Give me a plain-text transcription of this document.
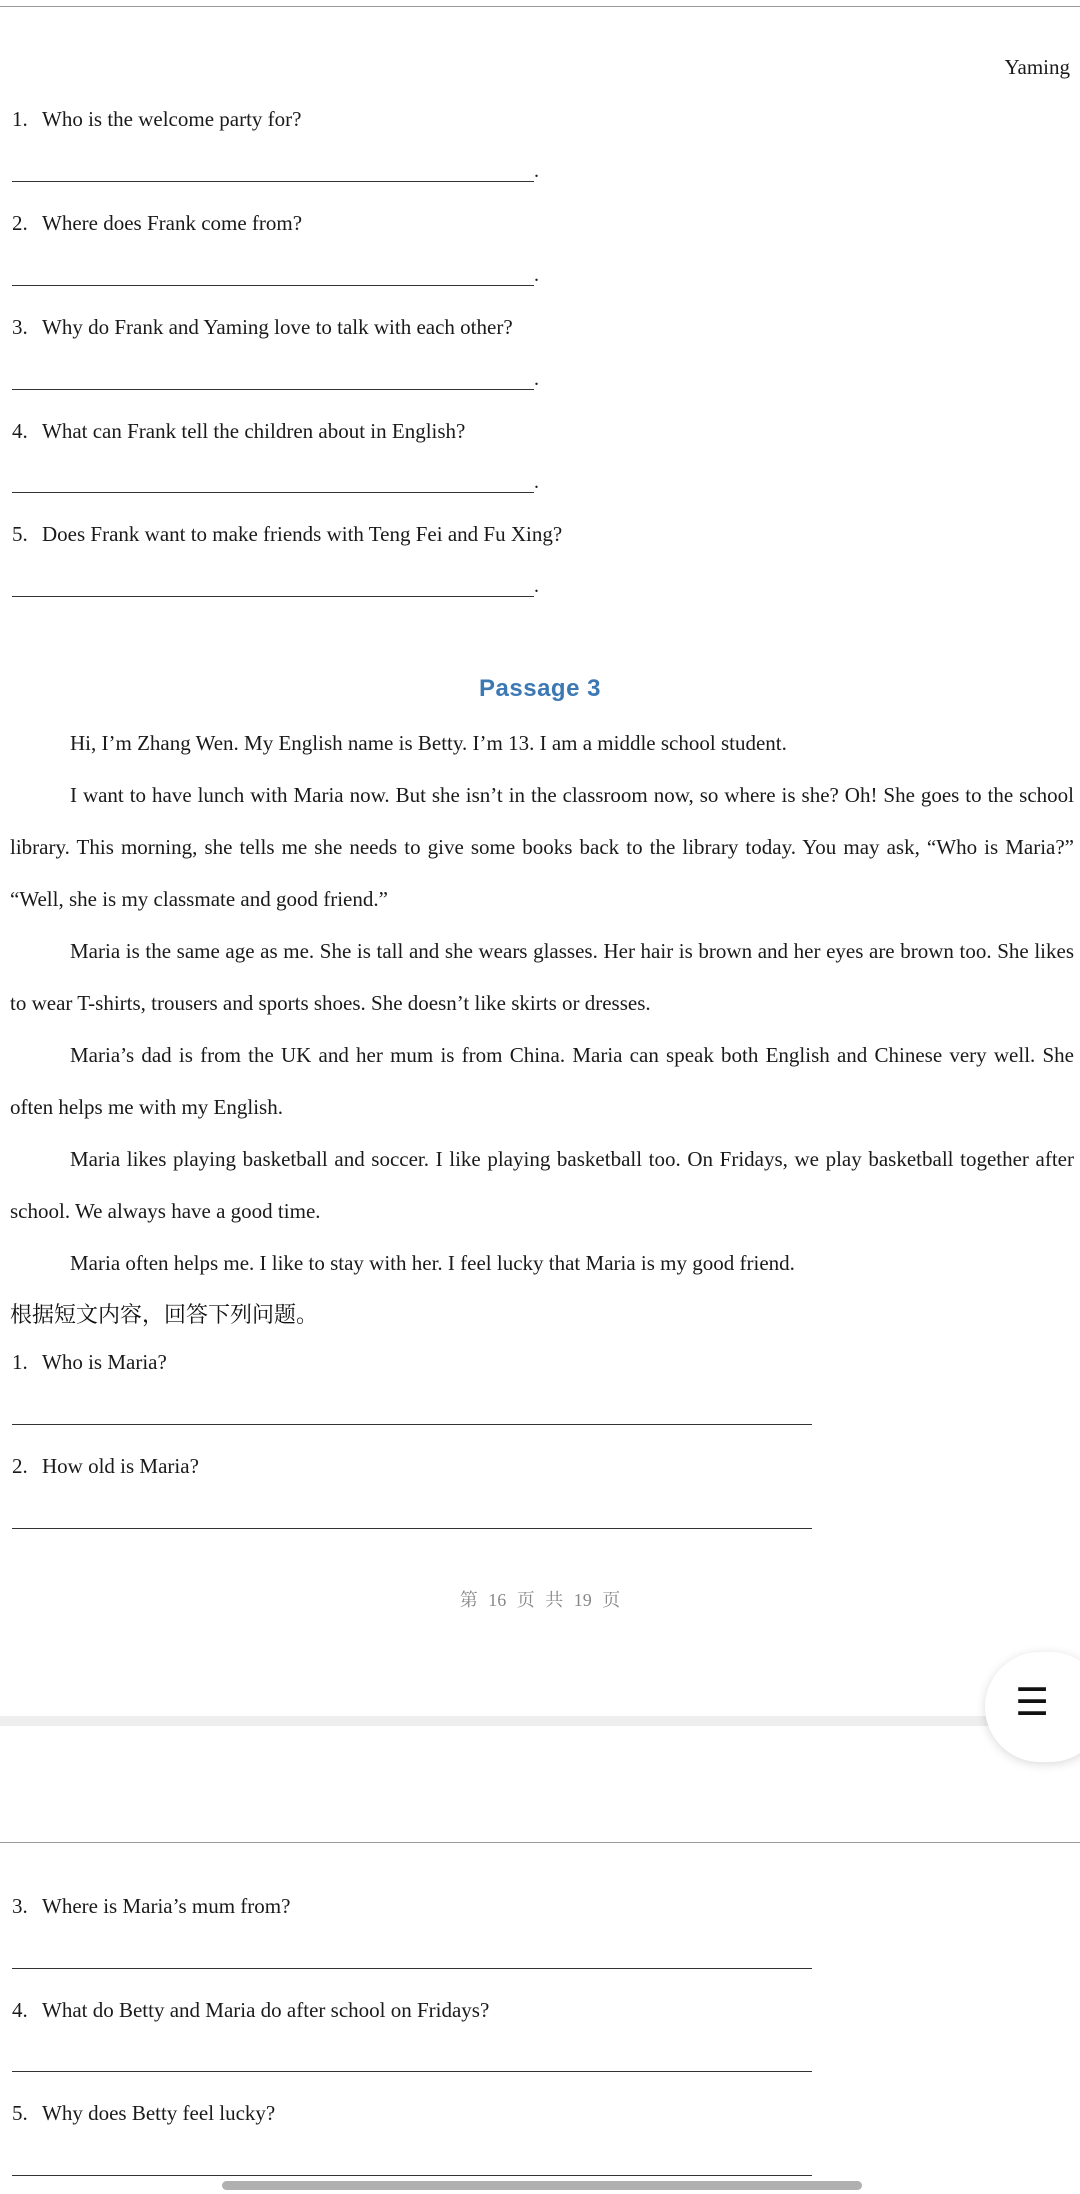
Yaming
1. Who is the welcome party for?
.
2. Where does Frank come from?
.
3. Why do Frank and Yaming love to talk with each other?
.
4. What can Frank tell the children about in English?
.
5. Does Frank want to make friends with Teng Fei and Fu Xing?
.
Passage 3

Hi, I’m Zhang Wen. My English name is Betty. I’m 13. I am a middle school student.

I want to have lunch with Maria now. But she isn’t in the classroom now, so where is she? Oh! She goes to the school library. This morning, she tells me she needs to give some books back to the library today. You may ask, “Who is Maria?” “Well, she is my classmate and good friend.”

Maria is the same age as me. She is tall and she wears glasses. Her hair is brown and her eyes are brown too. She likes to wear T-shirts, trousers and sports shoes. She doesn’t like skirts or dresses.

Maria’s dad is from the UK and her mum is from China. Maria can speak both English and Chinese very well. She often helps me with my English.

Maria likes playing basketball and soccer. I like playing basketball too. On Fridays, we play basketball together after school. We always have a good time.

Maria often helps me. I like to stay with her. I feel lucky that Maria is my good friend.

根据短文内容，回答下列问题。
1. Who is Maria?
2. How old is Maria?
第 16 页 共 19 页
3. Where is Maria’s mum from?
4. What do Betty and Maria do after school on Fridays?
5. Why does Betty feel lucky?
☰
